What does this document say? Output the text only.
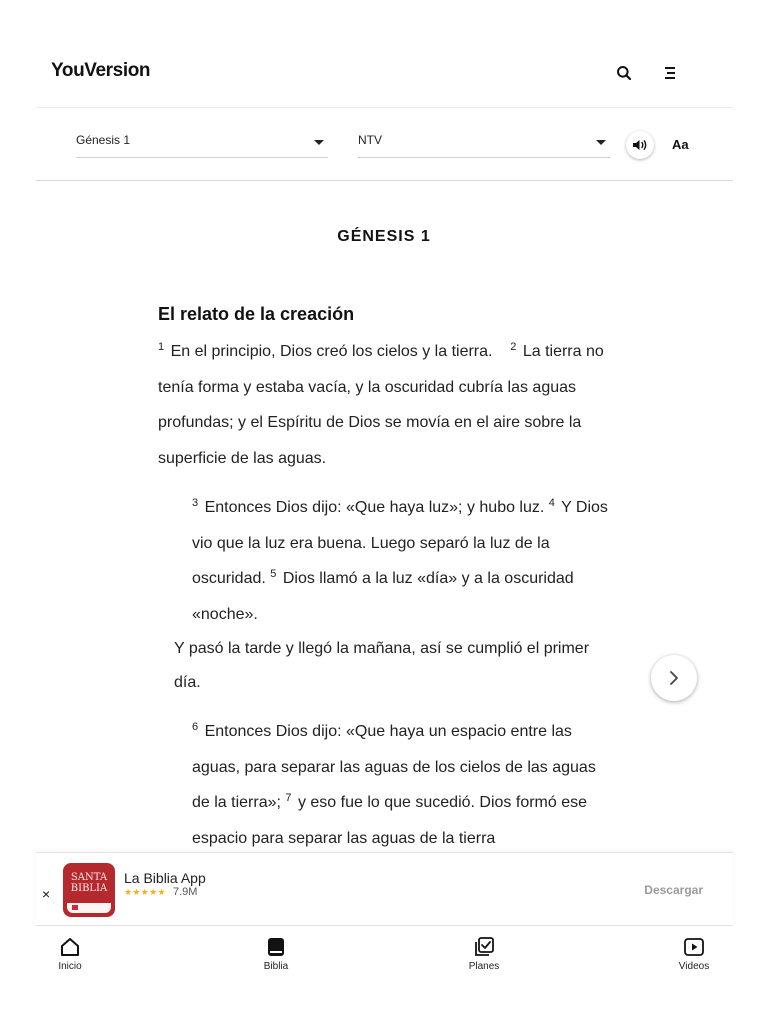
YouVersion
Génesis 1	NTV	Aa
GÉNESIS 1
El relato de la creación

$^1$ En el principio, Dios creó los cielos y la tierra. $^2$ La tierra no tenía forma y estaba vacía, y la oscuridad cubría las aguas profundas; y el Espíritu de Dios se movía en el aire sobre la superficie de las aguas.

$^3$ Entonces Dios dijo: «Que haya luz»; y hubo luz. $^4$ Y Dios vio que la luz era buena. Luego separó la luz de la oscuridad. $^5$ Dios llamó a la luz «día» y a la oscuridad «noche».

Y pasó la tarde y llegó la mañana, así se cumplió el primer día.

$^6$ Entonces Dios dijo: «Que haya un espacio entre las aguas, para separar las aguas de los cielos de las aguas de la tierra»; $^7$ y eso fue lo que sucedió. Dios formó ese espacio para separar las aguas de la tierra

×
SANTA
BIBLIA
La Biblia App
★★★★★ 7.9M	Descargar
Inicio	Biblia	Planes	Videos
